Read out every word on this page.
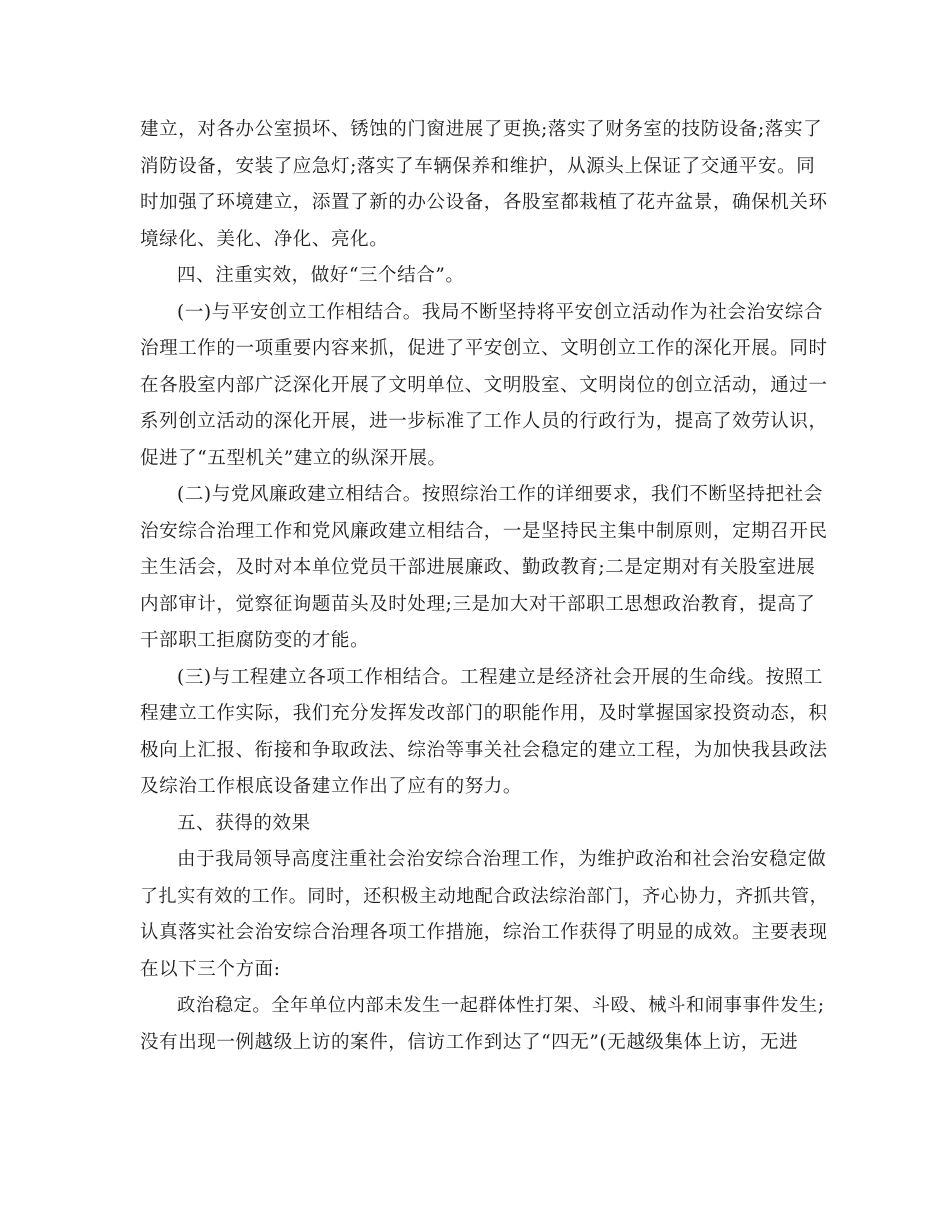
建立，对各办公室损坏、锈蚀的门窗进展了更换;落实了财务室的技防设备;落实了
消防设备，安装了应急灯;落实了车辆保养和维护，从源头上保证了交通平安。同
时加强了环境建立，添置了新的办公设备，各股室都栽植了花卉盆景，确保机关环
境绿化、美化、净化、亮化。
四、注重实效，做好“三个结合”。
(一)与平安创立工作相结合。我局不断坚持将平安创立活动作为社会治安综合
治理工作的一项重要内容来抓，促进了平安创立、文明创立工作的深化开展。同时
在各股室内部广泛深化开展了文明单位、文明股室、文明岗位的创立活动，通过一
系列创立活动的深化开展，进一步标准了工作人员的行政行为，提高了效劳认识，
促进了“五型机关”建立的纵深开展。
(二)与党风廉政建立相结合。按照综治工作的详细要求，我们不断坚持把社会
治安综合治理工作和党风廉政建立相结合，一是坚持民主集中制原则，定期召开民
主生活会，及时对本单位党员干部进展廉政、勤政教育;二是定期对有关股室进展
内部审计，觉察征询题苗头及时处理;三是加大对干部职工思想政治教育，提高了
干部职工拒腐防变的才能。
(三)与工程建立各项工作相结合。工程建立是经济社会开展的生命线。按照工
程建立工作实际，我们充分发挥发改部门的职能作用，及时掌握国家投资动态，积
极向上汇报、衔接和争取政法、综治等事关社会稳定的建立工程，为加快我县政法
及综治工作根底设备建立作出了应有的努力。
五、获得的效果
由于我局领导高度注重社会治安综合治理工作，为维护政治和社会治安稳定做
了扎实有效的工作。同时，还积极主动地配合政法综治部门，齐心协力，齐抓共管，
认真落实社会治安综合治理各项工作措施，综治工作获得了明显的成效。主要表现
在以下三个方面:
政治稳定。全年单位内部未发生一起群体性打架、斗殴、械斗和闹事事件发生;
没有出现一例越级上访的案件，信访工作到达了“四无”(无越级集体上访，无进
